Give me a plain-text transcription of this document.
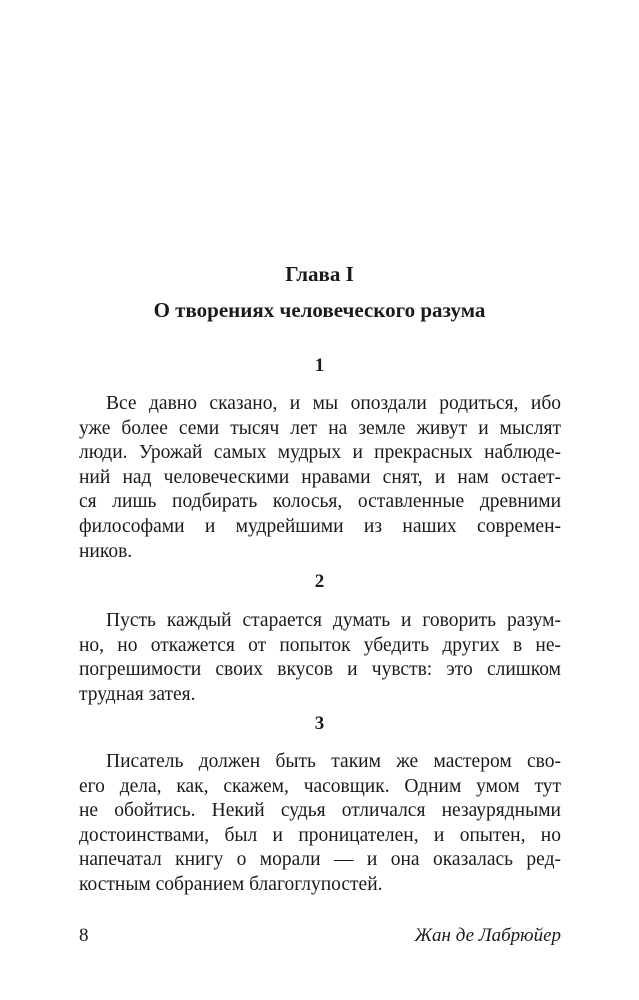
Глава I
О творениях человеческого разума
1

Все давно сказано, и мы опоздали родиться, ибо
уже более семи тысяч лет на земле живут и мыслят
люди. Урожай самых мудрых и прекрасных наблюде-
ний над человеческими нравами снят, и нам остает-
ся лишь подбирать колосья, оставленные древними
философами и мудрейшими из наших современ-
ников.

2

Пусть каждый старается думать и говорить разум-
но, но откажется от попыток убедить других в не-
погрешимости своих вкусов и чувств: это слишком
трудная затея.

3

Писатель должен быть таким же мастером сво-
его дела, как, скажем, часовщик. Одним умом тут
не обойтись. Некий судья отличался незаурядными
достоинствами, был и проницателен, и опытен, но
напечатал книгу о морали — и она оказалась ред-
костным собранием благоглупостей.

8	Жан де Лабрюйер
